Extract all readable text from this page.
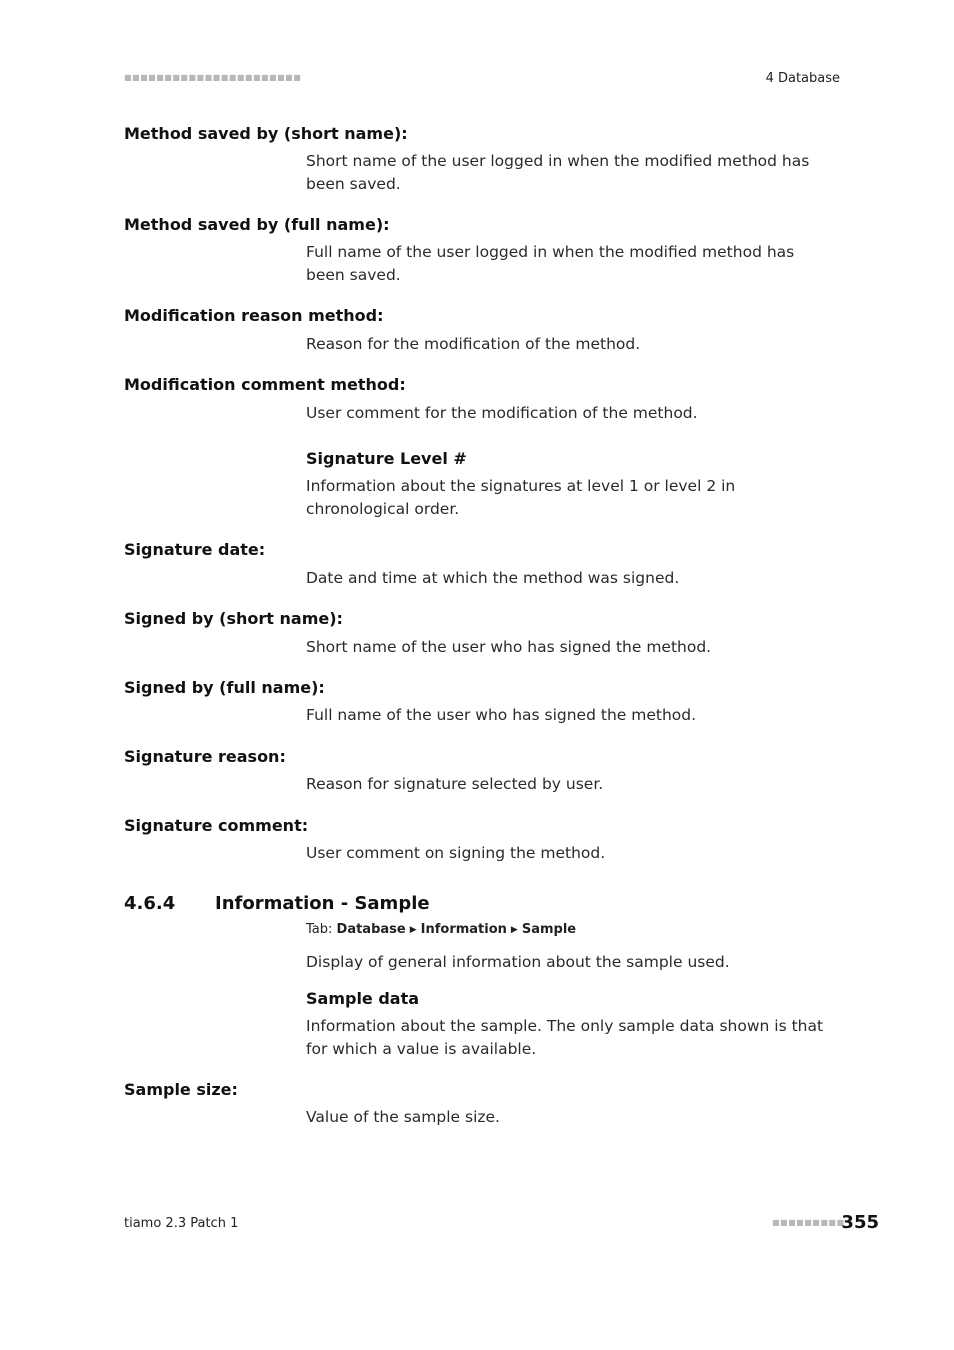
■■■■■■■■■■■■■■■■■■■■■■	4 Database
Method saved by (short name):
Short name of the user logged in when the modified method has been saved.
Method saved by (full name):
Full name of the user logged in when the modified method has been saved.
Modification reason method:
Reason for the modification of the method.
Modification comment method:
User comment for the modification of the method.
Signature Level #
Information about the signatures at level 1 or level 2 in chronological order.
Signature date:
Date and time at which the method was signed.
Signed by (short name):
Short name of the user who has signed the method.
Signed by (full name):
Full name of the user who has signed the method.
Signature reason:
Reason for signature selected by user.
Signature comment:
User comment on signing the method.
4.6.4 Information - Sample
Tab: Database ▶ Information ▶ Sample
Display of general information about the sample used.
Sample data
Information about the sample. The only sample data shown is that for which a value is available.
Sample size:
Value of the sample size.
tiamo 2.3 Patch 1	■■■■■■■■■
355
